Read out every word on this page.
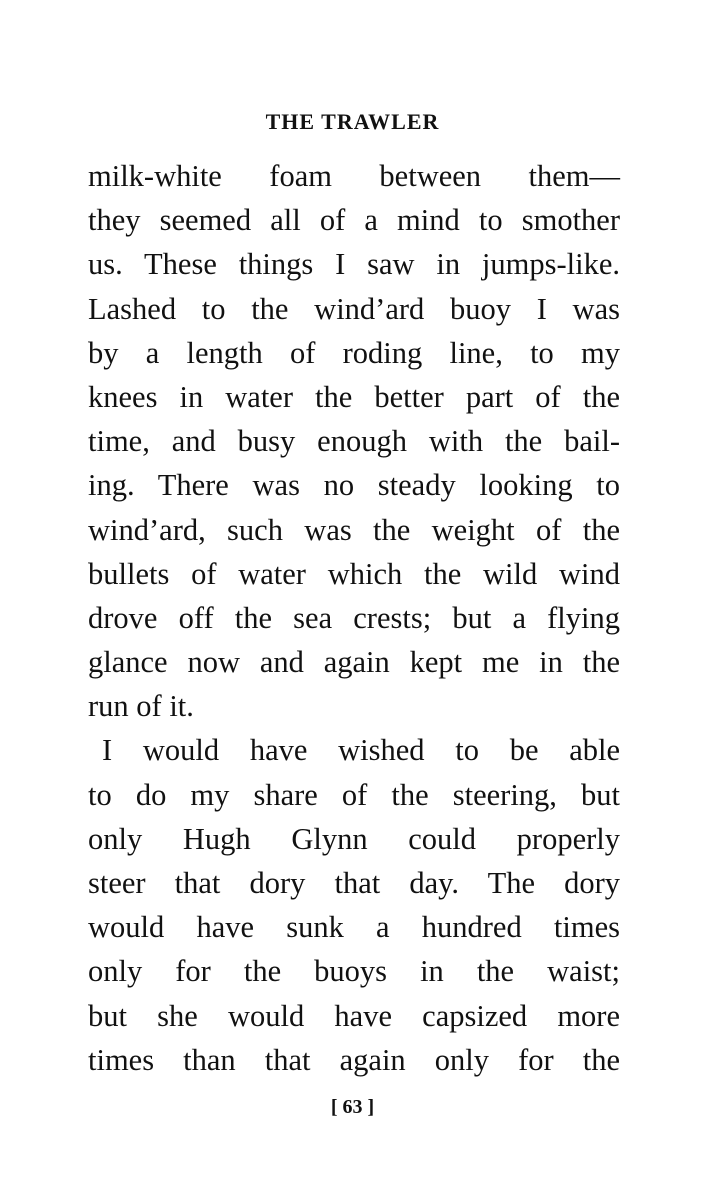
THE TRAWLER
milk-white foam between them—
they seemed all of a mind to smother
us. These things I saw in jumps-like.
Lashed to the wind’ard buoy I was
by a length of roding line, to my
knees in water the better part of the
time, and busy enough with the bail-
ing. There was no steady looking to
wind’ard, such was the weight of the
bullets of water which the wild wind
drove off the sea crests; but a flying
glance now and again kept me in the
run of it.
I would have wished to be able
to do my share of the steering, but
only Hugh Glynn could properly
steer that dory that day. The dory
would have sunk a hundred times
only for the buoys in the waist;
but she would have capsized more
times than that again only for the
[ 63 ]
